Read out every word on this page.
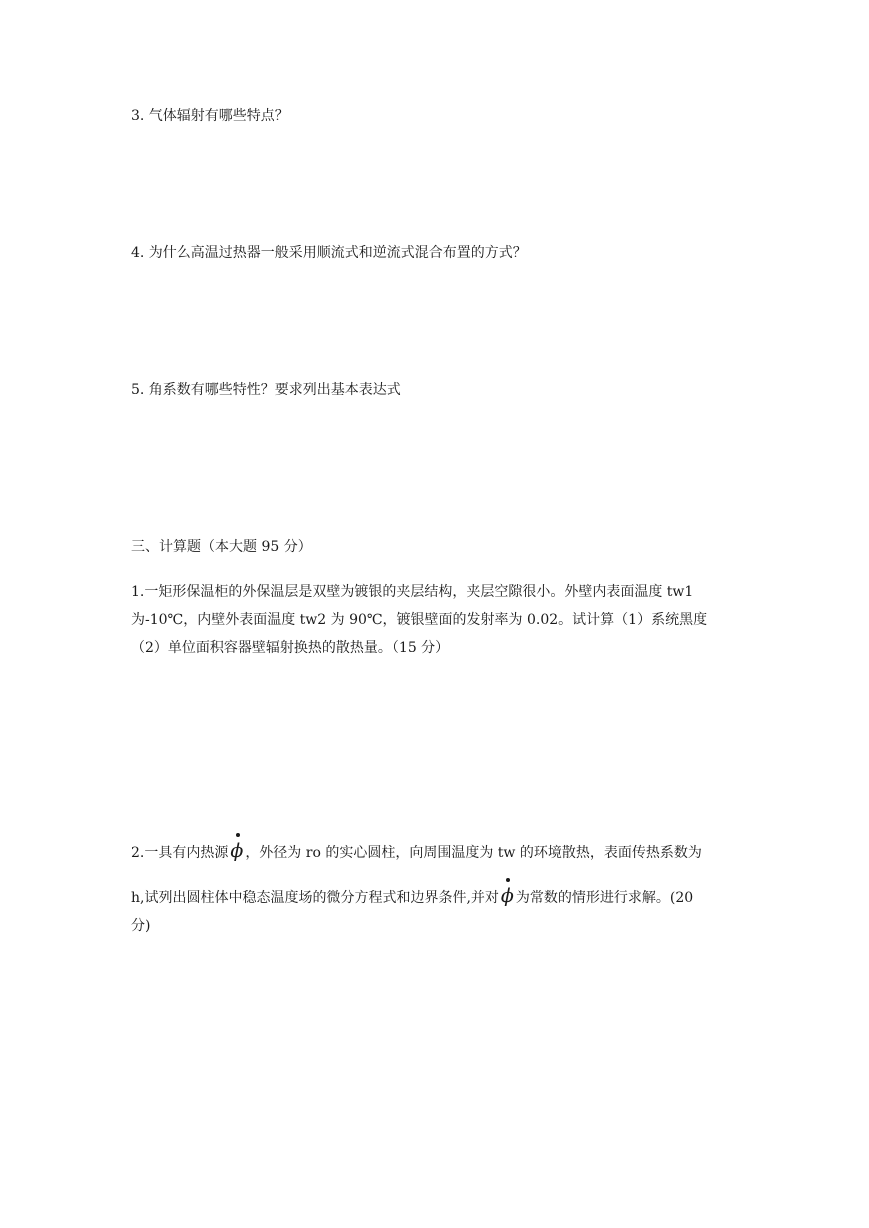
3. 气体辐射有哪些特点？
4. 为什么高温过热器一般采用顺流式和逆流式混合布置的方式？
5. 角系数有哪些特性？要求列出基本表达式
三、计算题（本大题 95 分）
1.一矩形保温柜的外保温层是双壁为镀银的夹层结构，夹层空隙很小。外壁内表面温度 tw1
为-10℃，内壁外表面温度 tw2 为 90℃，镀银壁面的发射率为 0.02。试计算（1）系统黑度
（2）单位面积容器壁辐射换热的散热量。（15 分）
2.一具有内热源 ϕ ，外径为 ro 的实心圆柱，向周围温度为 tw 的环境散热，表面传热系数为
h,试列出圆柱体中稳态温度场的微分方程式和边界条件,并对 ϕ 为常数的情形进行求解。(20
分)
